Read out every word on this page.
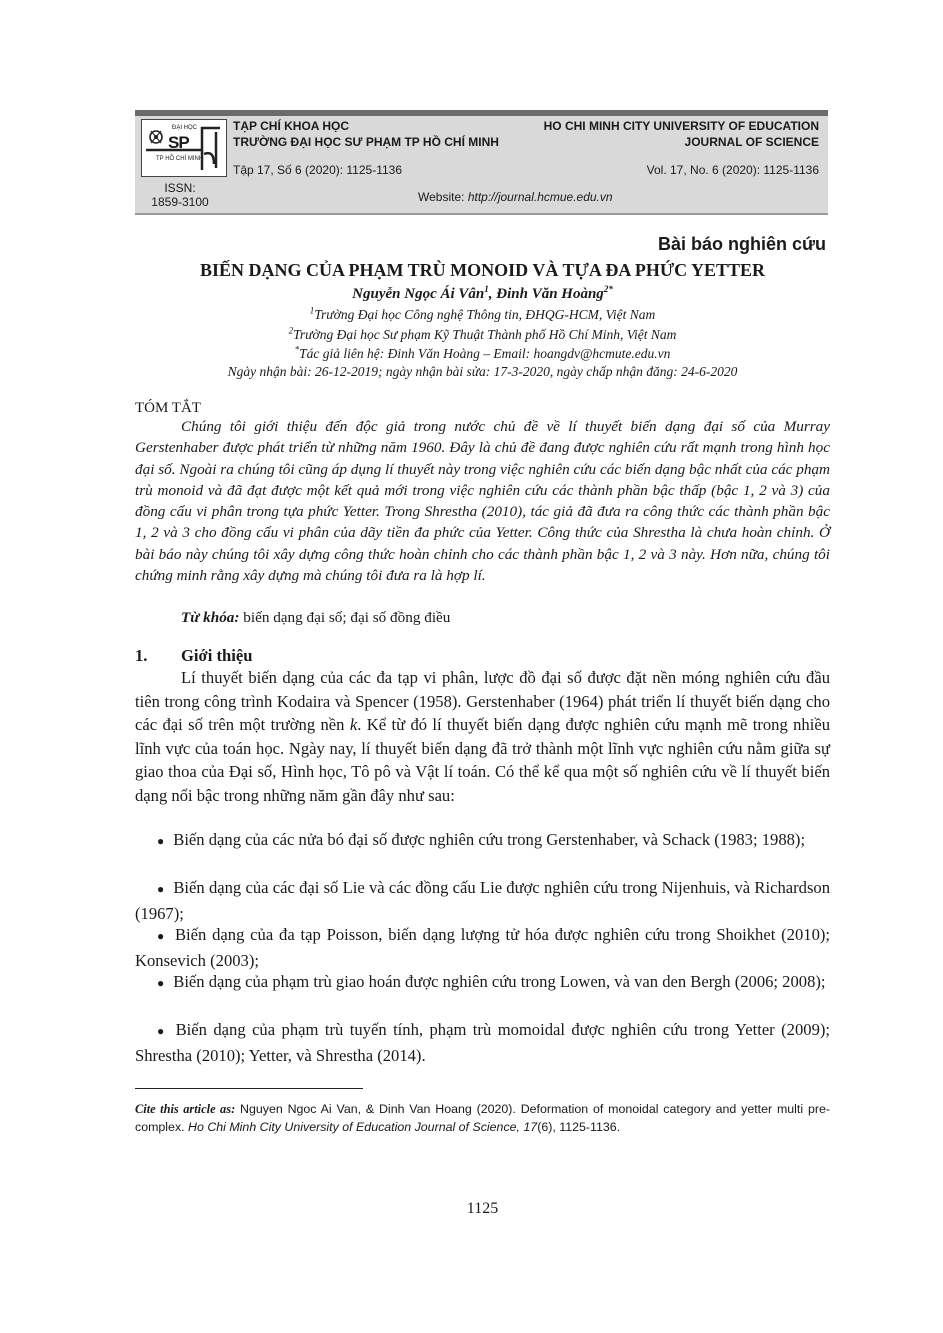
ĐẠI HỌC
SP
TP HỒ CHÍ MINH
TẠP CHÍ KHOA HỌC
TRƯỜNG ĐẠI HỌC SƯ PHẠM TP HỒ CHÍ MINH
Tập 17, Số 6 (2020): 1125-1136
HO CHI MINH CITY UNIVERSITY OF EDUCATION
JOURNAL OF SCIENCE
Vol. 17, No. 6 (2020): 1125-1136
ISSN:
1859-3100	Website: http://journal.hcmue.edu.vn
Bài báo nghiên cứu
BIẾN DẠNG CỦA PHẠM TRÙ MONOID VÀ TỰA ĐA PHỨC YETTER
Nguyễn Ngọc Ái Vân$^1$, Đinh Văn Hoàng$^{2*}$
$^1$Trường Đại học Công nghệ Thông tin, ĐHQG-HCM, Việt Nam
$^2$Trường Đại học Sư phạm Kỹ Thuật Thành phố Hồ Chí Minh, Việt Nam
*Tác giả liên hệ: Đinh Văn Hoàng – Email: hoangdv@hcmute.edu.vn
Ngày nhận bài: 26-12-2019; ngày nhận bài sửa: 17-3-2020, ngày chấp nhận đăng: 24-6-2020
TÓM TẮT
Chúng tôi giới thiệu đến độc giả trong nước chủ đề về lí thuyết biến dạng đại số của Murray Gerstenhaber được phát triển từ những năm 1960. Đây là chủ đề đang được nghiên cứu rất mạnh trong hình học đại số. Ngoài ra chúng tôi cũng áp dụng lí thuyết này trong việc nghiên cứu các biến dạng bậc nhất của các phạm trù monoid và đã đạt được một kết quả mới trong việc nghiên cứu các thành phần bậc thấp (bậc 1, 2 và 3) của đồng cấu vi phân trong tựa phức Yetter. Trong Shrestha (2010), tác giả đã đưa ra công thức các thành phần bậc 1, 2 và 3 cho đồng cấu vi phân của dãy tiền đa phức của Yetter. Công thức của Shrestha là chưa hoàn chỉnh. Ở bài báo này chúng tôi xây dựng công thức hoàn chỉnh cho các thành phần bậc 1, 2 và 3 này. Hơn nữa, chúng tôi chứng minh rằng xây dựng mà chúng tôi đưa ra là hợp lí.
Từ khóa: biến dạng đại số; đại số đồng điều
1. Giới thiệu
Lí thuyết biến dạng của các đa tạp vi phân, lược đồ đại số được đặt nền móng nghiên cứu đầu tiên trong công trình Kodaira và Spencer (1958). Gerstenhaber (1964) phát triển lí thuyết biến dạng cho các đại số trên một trường nền k. Kể từ đó lí thuyết biến dạng được nghiên cứu mạnh mẽ trong nhiều lĩnh vực của toán học. Ngày nay, lí thuyết biến dạng đã trở thành một lĩnh vực nghiên cứu nằm giữa sự giao thoa của Đại số, Hình học, Tô pô và Vật lí toán. Có thể kể qua một số nghiên cứu về lí thuyết biến dạng nổi bậc trong những năm gần đây như sau:
● Biến dạng của các nửa bó đại số được nghiên cứu trong Gerstenhaber, và Schack (1983; 1988);
● Biến dạng của các đại số Lie và các đồng cấu Lie được nghiên cứu trong Nijenhuis, và Richardson (1967);
● Biến dạng của đa tạp Poisson, biến dạng lượng tử hóa được nghiên cứu trong Shoikhet (2010); Konsevich (2003);
● Biến dạng của phạm trù giao hoán được nghiên cứu trong Lowen, và van den Bergh (2006; 2008);
● Biến dạng của phạm trù tuyến tính, phạm trù momoidal được nghiên cứu trong Yetter (2009); Shrestha (2010); Yetter, và Shrestha (2014).
Cite this article as: Nguyen Ngoc Ai Van, & Dinh Van Hoang (2020). Deformation of monoidal category and yetter multi pre-complex. Ho Chi Minh City University of Education Journal of Science, 17(6), 1125-1136.
1125
